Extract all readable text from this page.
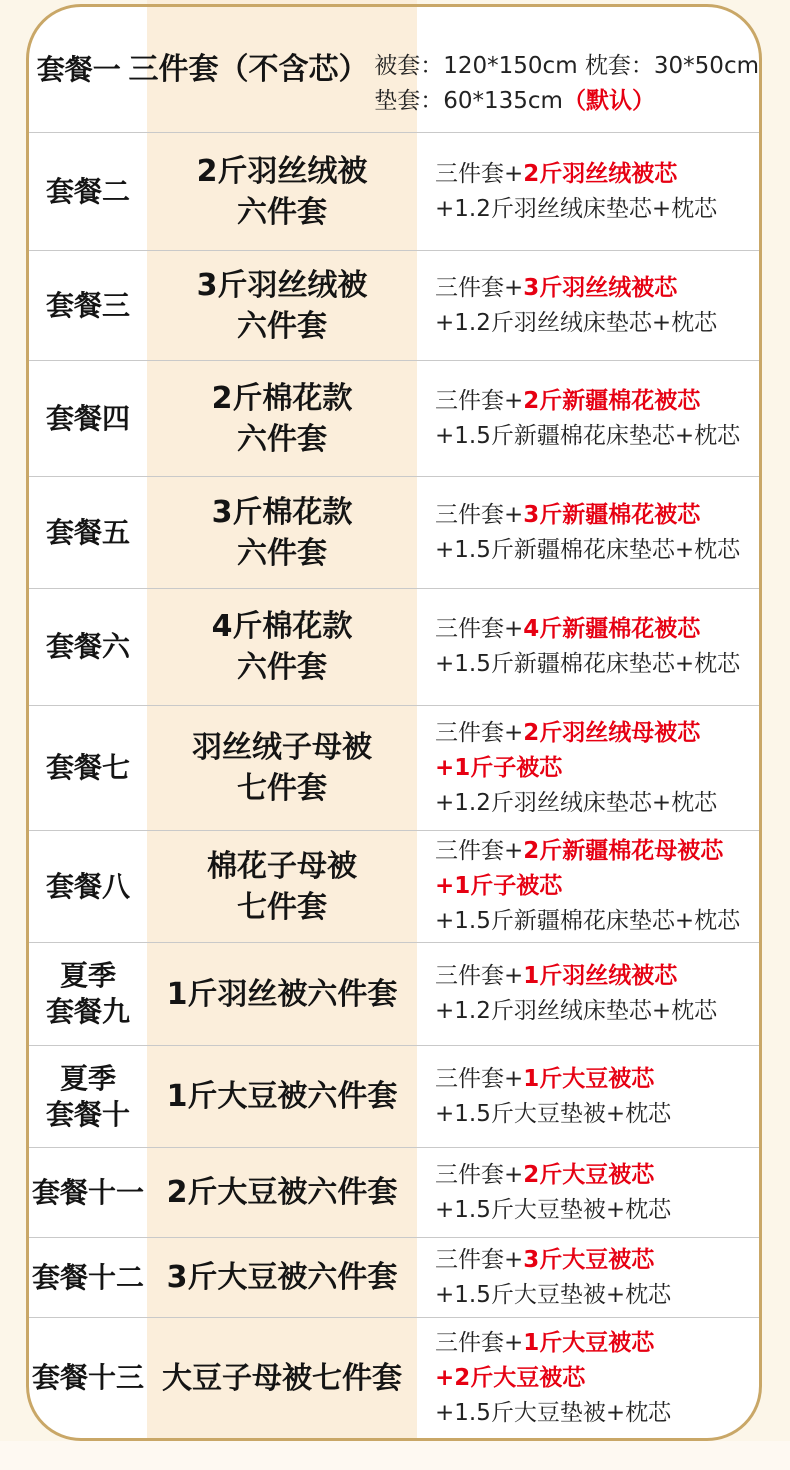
套餐一 三件套（不含芯） 被套：120*150cm 枕套：30*50cm
垫套：60*135cm（默认）
套餐二
2斤羽丝绒被
六件套
三件套+2斤羽丝绒被芯
+1.2斤羽丝绒床垫芯+枕芯
套餐三
3斤羽丝绒被
六件套
三件套+3斤羽丝绒被芯
+1.2斤羽丝绒床垫芯+枕芯
套餐四
2斤棉花款
六件套
三件套+2斤新疆棉花被芯
+1.5斤新疆棉花床垫芯+枕芯
套餐五
3斤棉花款
六件套
三件套+3斤新疆棉花被芯
+1.5斤新疆棉花床垫芯+枕芯
套餐六
4斤棉花款
六件套
三件套+4斤新疆棉花被芯
+1.5斤新疆棉花床垫芯+枕芯
套餐七
羽丝绒子母被
七件套
三件套+2斤羽丝绒母被芯
+1斤子被芯
+1.2斤羽丝绒床垫芯+枕芯
套餐八
棉花子母被
七件套
三件套+2斤新疆棉花母被芯
+1斤子被芯
+1.5斤新疆棉花床垫芯+枕芯
夏季
套餐九 1斤羽丝被六件套
三件套+1斤羽丝绒被芯
+1.2斤羽丝绒床垫芯+枕芯
夏季
套餐十 1斤大豆被六件套
三件套+1斤大豆被芯
+1.5斤大豆垫被+枕芯
套餐十一 2斤大豆被六件套
三件套+2斤大豆被芯
+1.5斤大豆垫被+枕芯
套餐十二 3斤大豆被六件套
三件套+3斤大豆被芯
+1.5斤大豆垫被+枕芯
套餐十三 大豆子母被七件套
三件套+1斤大豆被芯
+2斤大豆被芯
+1.5斤大豆垫被+枕芯
